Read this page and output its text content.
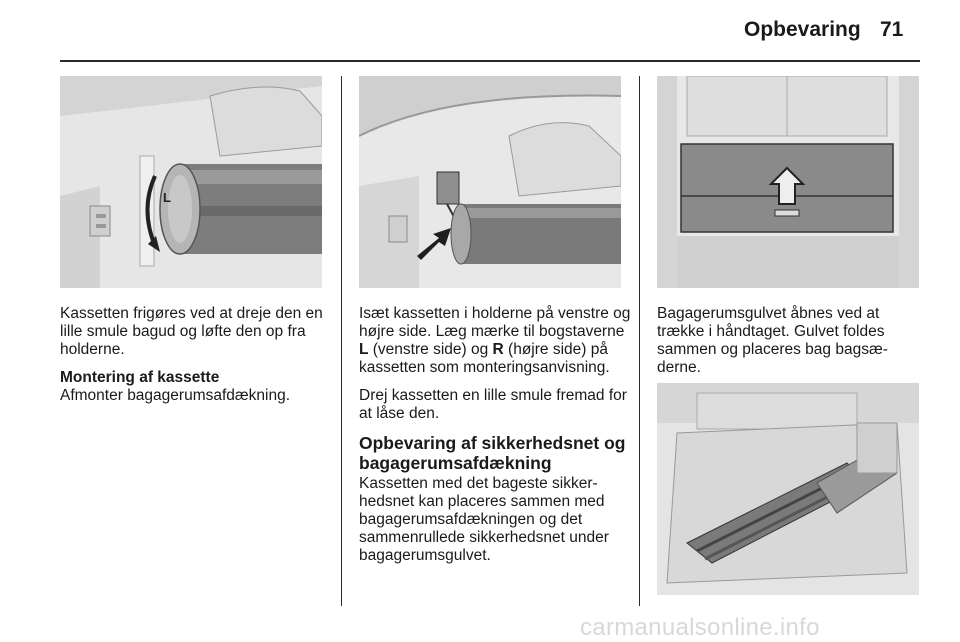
Opbevaring 71
L

Kassetten frigøres ved at dreje den en lille smule bagud og løfte den op fra holderne.

Montering af kassette

Afmonter bagagerumsafdækning.

Isæt kassetten i holderne på venstre og højre side. Læg mærke til bogstaverne L (venstre side) og R (højre side) på kassetten som monteringsanvisning.

Drej kassetten en lille smule fremad for at låse den.

Opbevaring af sikkerhedsnet og bagagerumsafdækning

Kassetten med det bageste sikkerhedsnet kan placeres sammen med bagagerumsafdækningen og det sammenrullede sikkerhedsnet under bagagerumsgulvet.

Bagagerumsgulvet åbnes ved at trække i håndtaget. Gulvet foldes sammen og placeres bag bagsæderne.

carmanualsonline.info
